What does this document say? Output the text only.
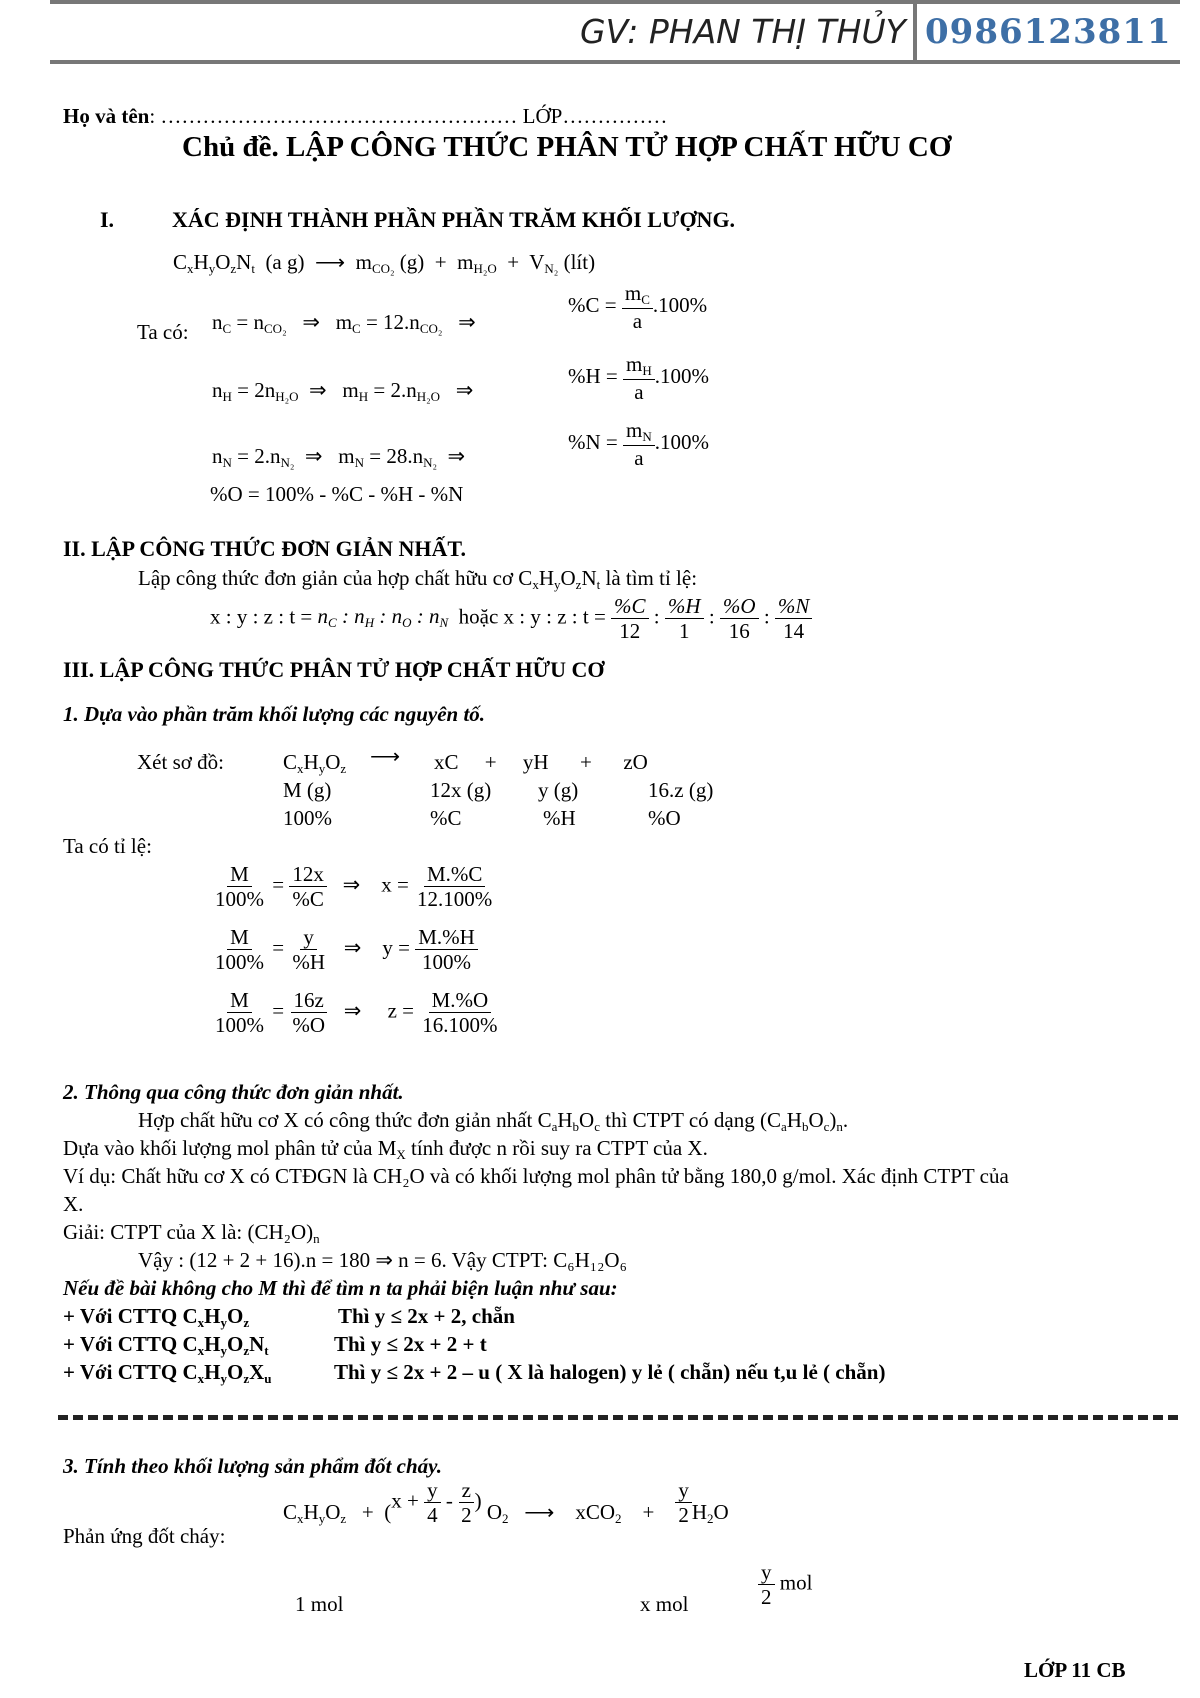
GV: PHAN THỊ THỦY 0986123811
Họ và tên: …………………………………………… LỚP……………
Chủ đề. LẬP CÔNG THỨC PHÂN TỬ HỢP CHẤT HỮU CƠ
I.	XÁC ĐỊNH THÀNH PHẦN PHẦN TRĂM KHỐI LƯỢNG.
$C_xH_yO_zN_t$  (a g)  ⟶  $m_{CO_2}$ $(g) + m_{H_2O} + V_{N_2}$ (lít)
Ta có: $n_C = n_{CO_2}$   ⇒   $m_C = 12.n_{CO_2}$   ⇒
$\%C = \frac{m_C}{a} .100\%$
$n_H = 2n_{H_2O}$  ⇒   $m_H = 2.n_{H_2O}$   ⇒
$\%H = \frac{m_H}{a} .100\%$
$n_N = 2.n_{N_2}$  ⇒   $m_N = 28.n_{N_2}$  ⇒
$\%N = \frac{m_N}{a} .100\%$
%O = 100% - %C - %H - %N
II. LẬP CÔNG THỨC ĐƠN GIẢN NHẤT.
Lập công thức đơn giản của hợp chất hữu cơ $C_xH_yO_zN_t$ là tìm tỉ lệ:
x : y : z : $t = n_C$ : $n_H$ : $n_O$ : $n_N$ hoặc x : y : z : $t = \frac{\%C}{12}$ : $\frac{\%H}{1}$ : $\frac{\%O}{16}$ : $\frac{\%N}{14}$
III. LẬP CÔNG THỨC PHÂN TỬ HỢP CHẤT HỮU CƠ
1. Dựa vào phần trăm khối lượng các nguyên tố.
Xét sơ đồ:	$C_xH_yO_z$
⟶ xC     +     yH      +      zO
M (g)	12x (g) y (g)	16.z (g)
100%	%C	%H	%O
Ta có tỉ lệ:
$\frac{M}{100\%} = \frac{12x}{\%C}$ ⇒    $x = \frac{M.\%C}{12.100\%}$
$\frac{M}{100\%} = \frac{y}{\%H}$ ⇒    $y = \frac{M.\%H}{100\%}$
$\frac{M}{100\%} = \frac{16z}{\%O}$ ⇒     $z = \frac{M.\%O}{16.100\%}$
2. Thông qua công thức đơn giản nhất.
Hợp chất hữu cơ X có công thức đơn giản nhất $C_aH_bO_c$ thì CTPT có dạng $(C_aH_bO_c)_n$.
Dựa vào khối lượng mol phân tử của $M_X$ tính được n rồi suy ra CTPT của X.
Ví dụ: Chất hữu cơ X có CTĐGN là CH₂O và có khối lượng mol phân tử bằng 180,0 g/mol. Xác định CTPT của
X.
Giải: CTPT của X là: $(CH_2O)_n$
Vậy : (12 + 2 + 16).n = 180 ⇒ n = 6. Vậy CTPT: C₆H₁₂O₆
Nếu đề bài không cho M thì để tìm n ta phải biện luận như sau:
+ Với CTTQ $C_xH_yO_z$	Thì y ≤ 2x + 2, chẵn
+ Với CTTQ $C_xH_yO_zN_t$	Thì y ≤ 2x + 2 + t
+ Với CTTQ $C_xH_yO_zX_u$	Thì y ≤ 2x + 2 – u ( X là halogen) y lẻ ( chẵn) nếu t,u lẻ ( chẵn)
3. Tính theo khối lượng sản phẩm đốt cháy.
Phản ứng đốt cháy:
$C_xH_yO_z + (x + \frac{y}{4} - \frac{z}{2}$ ) $O_2$   ⟶    xCO$_2$    + $\frac{y}{2} H_2O$
1 mol	x mol	$\frac{y}{2}$ mol
LỚP 11 CB
